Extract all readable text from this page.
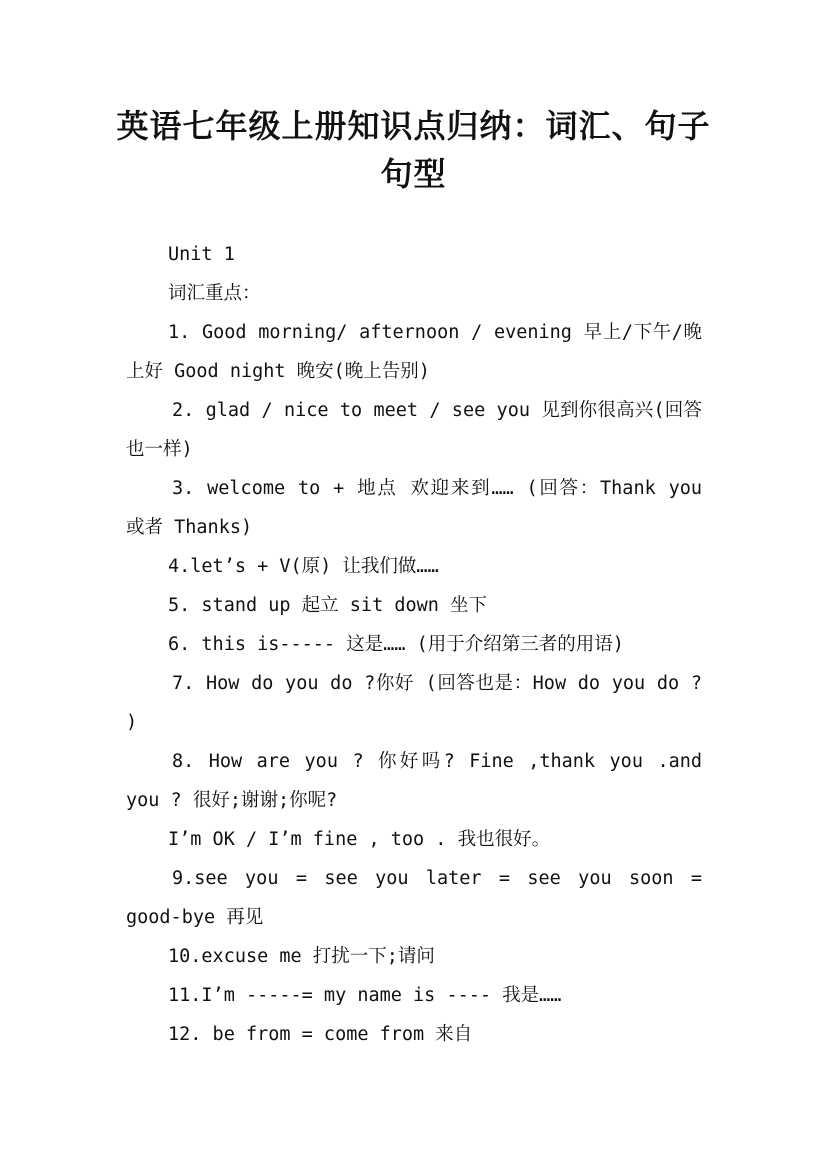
英语七年级上册知识点归纳：词汇、句子句型

Unit 1

词汇重点：

1. Good morning/ afternoon / evening 早上/下午/晚上好 Good night 晚安(晚上告别)

2. glad / nice to meet / see you 见到你很高兴(回答也一样)

3. welcome to + 地点 欢迎来到…… (回答：Thank you 或者 Thanks)

4.let’s + V(原) 让我们做……

5. stand up 起立 sit down 坐下

6. this is----- 这是…… (用于介绍第三者的用语)

7. How do you do ?你好 (回答也是：How do you do ? )

8. How are you ? 你好吗? Fine ,thank you .and you ? 很好;谢谢;你呢?

I’m OK / I’m fine , too . 我也很好。

9.see you = see you later = see you soon = good-bye 再见

10.excuse me 打扰一下;请问

11.I’m -----= my name is ---- 我是……

12. be from = come from 来自
